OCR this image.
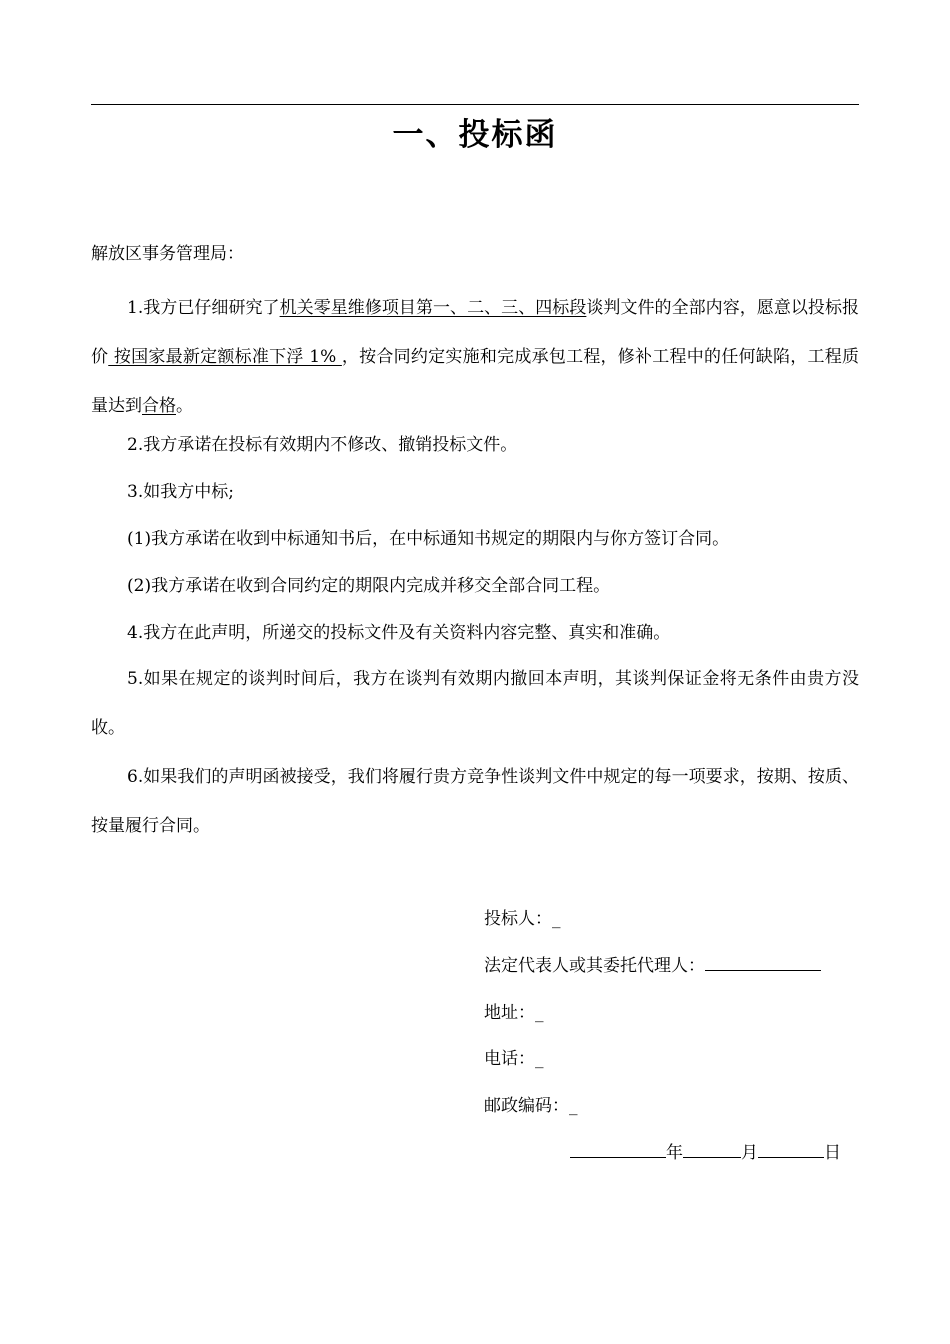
一、投标函
解放区事务管理局：

1.我方已仔细研究了机关零星维修项目第一、二、三、四标段谈判文件的全部内容，愿意以投标报价 按国家最新定额标准下浮 1% ，按合同约定实施和完成承包工程，修补工程中的任何缺陷，工程质量达到合格。

2.我方承诺在投标有效期内不修改、撤销投标文件。

3.如我方中标;

(1)我方承诺在收到中标通知书后，在中标通知书规定的期限内与你方签订合同。

(2)我方承诺在收到合同约定的期限内完成并移交全部合同工程。

4.我方在此声明，所递交的投标文件及有关资料内容完整、真实和准确。

5.如果在规定的谈判时间后，我方在谈判有效期内撤回本声明，其谈判保证金将无条件由贵方没收。

6.如果我们的声明函被接受，我们将履行贵方竞争性谈判文件中规定的每一项要求，按期、按质、按量履行合同。

投标人：_
法定代表人或其委托代理人：
地址：_
电话：_
邮政编码：_
年	月	日
